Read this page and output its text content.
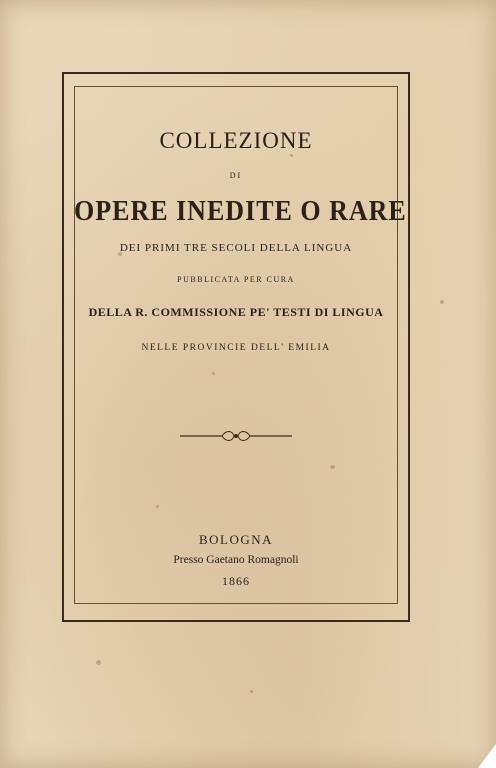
COLLEZIONE
DI
OPERE INEDITE O RARE
DEI PRIMI TRE SECOLI DELLA LINGUA
PUBBLICATA PER CURA
DELLA R. COMMISSIONE PE' TESTI DI LINGUA
NELLE PROVINCIE DELL' EMILIA
BOLOGNA
Presso Gaetano Romagnoli
1866
